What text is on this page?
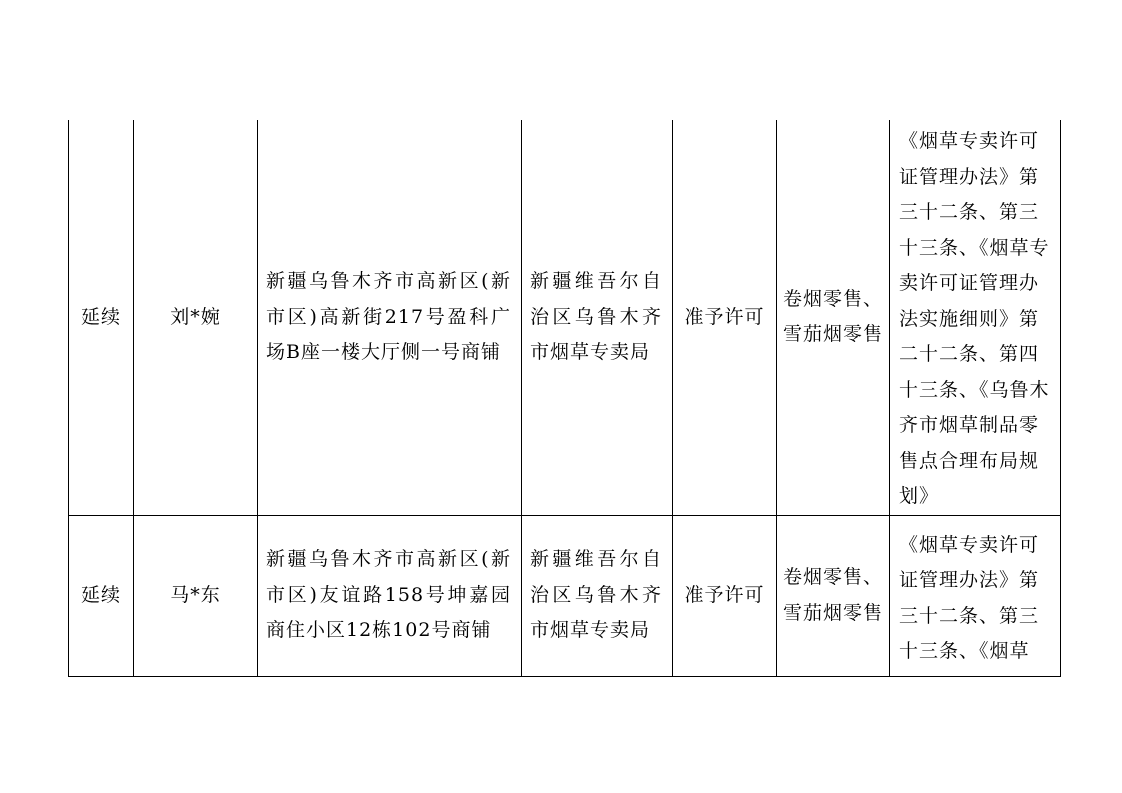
延续	刘*婉	新疆乌鲁木齐市高新区(新市区)高新街217号盈科广场B座一楼大厅侧一号商铺	新疆维吾尔自治区乌鲁木齐市烟草专卖局	准予许可	卷烟零售、雪茄烟零售	《烟草专卖许可证管理办法》第三十二条、第三十三条、《烟草专卖许可证管理办法实施细则》第二十二条、第四十三条、《乌鲁木齐市烟草制品零售点合理布局规划》

延续	马*东	新疆乌鲁木齐市高新区(新市区)友谊路158号坤嘉园商住小区12栋102号商铺	新疆维吾尔自治区乌鲁木齐市烟草专卖局	准予许可	卷烟零售、雪茄烟零售	《烟草专卖许可证管理办法》第三十二条、第三十三条、《烟草
